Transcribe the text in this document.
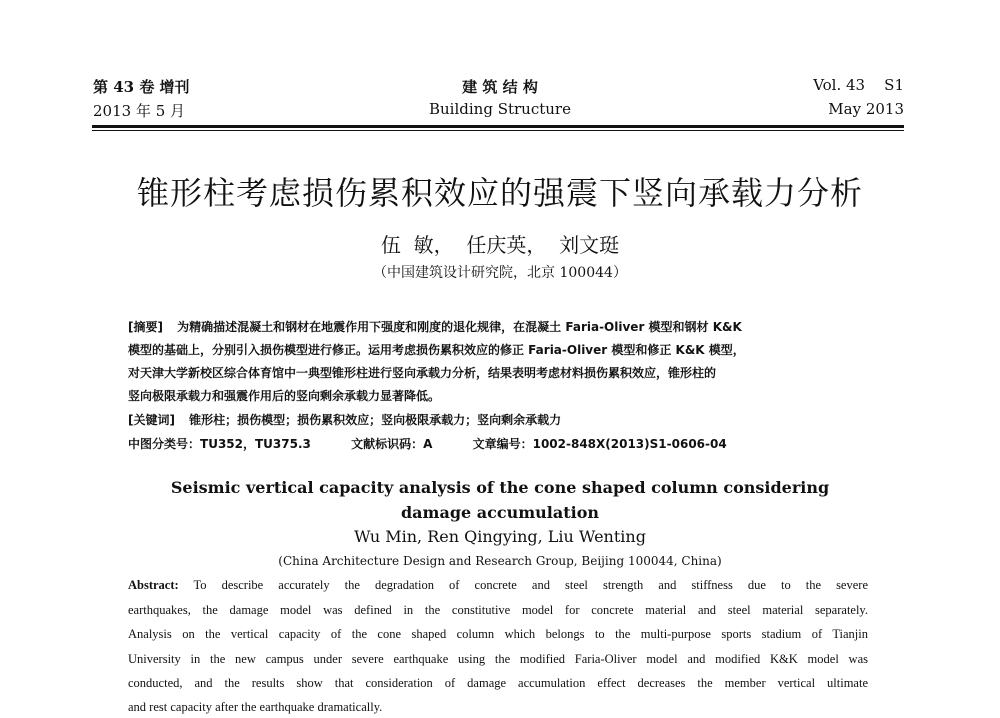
第 43 卷 增刊
2013 年 5 月
建 筑 结 构
Building Structure
Vol. 43    S1
May 2013
锥形柱考虑损伤累积效应的强震下竖向承载力分析
伍  敏，  任庆英，  刘文珽
（中国建筑设计研究院，北京 100044）
[摘要] 为精确描述混凝土和钢材在地震作用下强度和刚度的退化规律，在混凝土 Faria-Oliver 模型和钢材 K&K
模型的基础上，分别引入损伤模型进行修正。运用考虑损伤累积效应的修正 Faria-Oliver 模型和修正 K&K 模型，
对天津大学新校区综合体育馆中一典型锥形柱进行竖向承载力分析，结果表明考虑材料损伤累积效应，锥形柱的
竖向极限承载力和强震作用后的竖向剩余承载力显著降低。
[关键词] 锥形柱；损伤模型；损伤累积效应；竖向极限承载力；竖向剩余承载力
中图分类号：TU352，TU375.3	文献标识码：A	文章编号：1002-848X(2013)S1-0606-04
Seismic vertical capacity analysis of the cone shaped column considering
damage accumulation
Wu Min, Ren Qingying, Liu Wenting
(China Architecture Design and Research Group, Beijing 100044, China)
Abstract: To describe accurately the degradation of concrete and steel strength and stiffness due to the severe
earthquakes, the damage model was defined in the constitutive model for concrete material and steel material separately.
Analysis on the vertical capacity of the cone shaped column which belongs to the multi-purpose sports stadium of Tianjin
University in the new campus under severe earthquake using the modified Faria-Oliver model and modified K&K model was
conducted, and the results show that consideration of damage accumulation effect decreases the member vertical ultimate
and rest capacity after the earthquake dramatically.
